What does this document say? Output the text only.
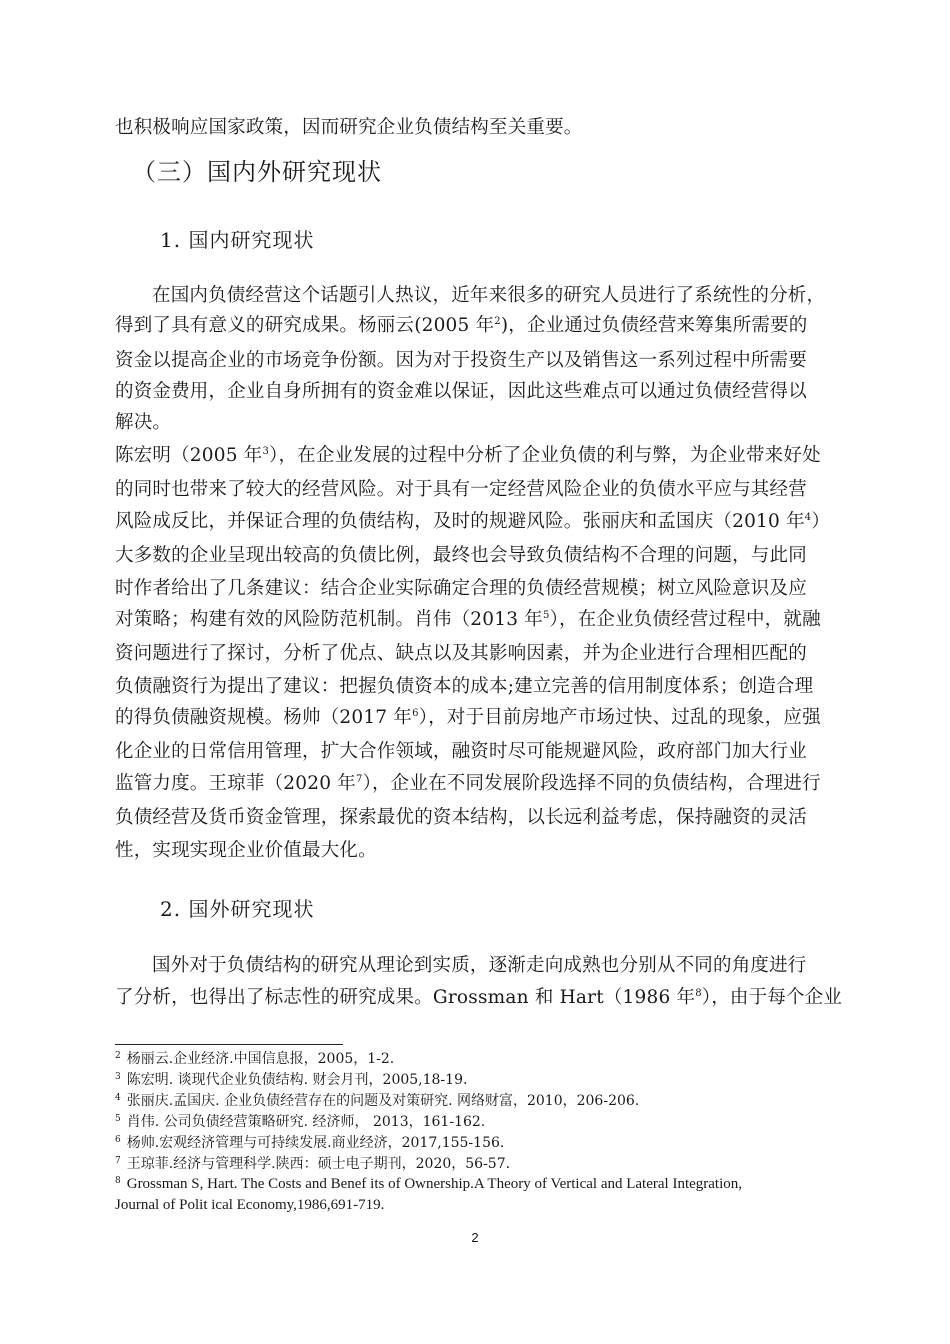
也积极响应国家政策，因而研究企业负债结构至关重要。
（三）国内外研究现状
1. 国内研究现状
在国内负债经营这个话题引人热议，近年来很多的研究人员进行了系统性的分析，
得到了具有意义的研究成果。杨丽云(2005 年$^2$)，企业通过负债经营来筹集所需要的
资金以提高企业的市场竞争份额。因为对于投资生产以及销售这一系列过程中所需要
的资金费用，企业自身所拥有的资金难以保证，因此这些难点可以通过负债经营得以
解决。
陈宏明（2005 年$^3$），在企业发展的过程中分析了企业负债的利与弊，为企业带来好处
的同时也带来了较大的经营风险。对于具有一定经营风险企业的负债水平应与其经营
风险成反比，并保证合理的负债结构，及时的规避风险。张丽庆和孟国庆（2010 年$^4$）
大多数的企业呈现出较高的负债比例，最终也会导致负债结构不合理的问题，与此同
时作者给出了几条建议：结合企业实际确定合理的负债经营规模；树立风险意识及应
对策略；构建有效的风险防范机制。肖伟（2013 年$^5$），在企业负债经营过程中，就融
资问题进行了探讨，分析了优点、缺点以及其影响因素，并为企业进行合理相匹配的
负债融资行为提出了建议：把握负债资本的成本;建立完善的信用制度体系；创造合理
的得负债融资规模。杨帅（2017 年$^6$），对于目前房地产市场过快、过乱的现象，应强
化企业的日常信用管理，扩大合作领域，融资时尽可能规避风险，政府部门加大行业
监管力度。王琼菲（2020 年$^7$），企业在不同发展阶段选择不同的负债结构，合理进行
负债经营及货币资金管理，探索最优的资本结构，以长远利益考虑，保持融资的灵活
性，实现实现企业价值最大化。
2. 国外研究现状
国外对于负债结构的研究从理论到实质，逐渐走向成熟也分别从不同的角度进行
了分析，也得出了标志性的研究成果。Grossman 和 Hart（1986 年$^8$），由于每个企业
$^2$ 杨丽云.企业经济.中国信息报，2005，1-2.
$^3$ 陈宏明. 谈现代企业负债结构. 财会月刊，2005,18-19.
$^4$ 张丽庆.孟国庆. 企业负债经营存在的问题及对策研究. 网络财富，2010，206-206.
$^5$ 肖伟. 公司负债经营策略研究. 经济师， 2013，161-162.
$^6$ 杨帅.宏观经济管理与可持续发展.商业经济，2017,155-156.
$^7$ 王琼菲.经济与管理科学.陕西：硕士电子期刊，2020，56-57.
$^8$ Grossman S, Hart. The Costs and Benef its of Ownership.A Theory of Vertical and Lateral Integration,
Journal of Polit ical Economy,1986,691-719.
2
